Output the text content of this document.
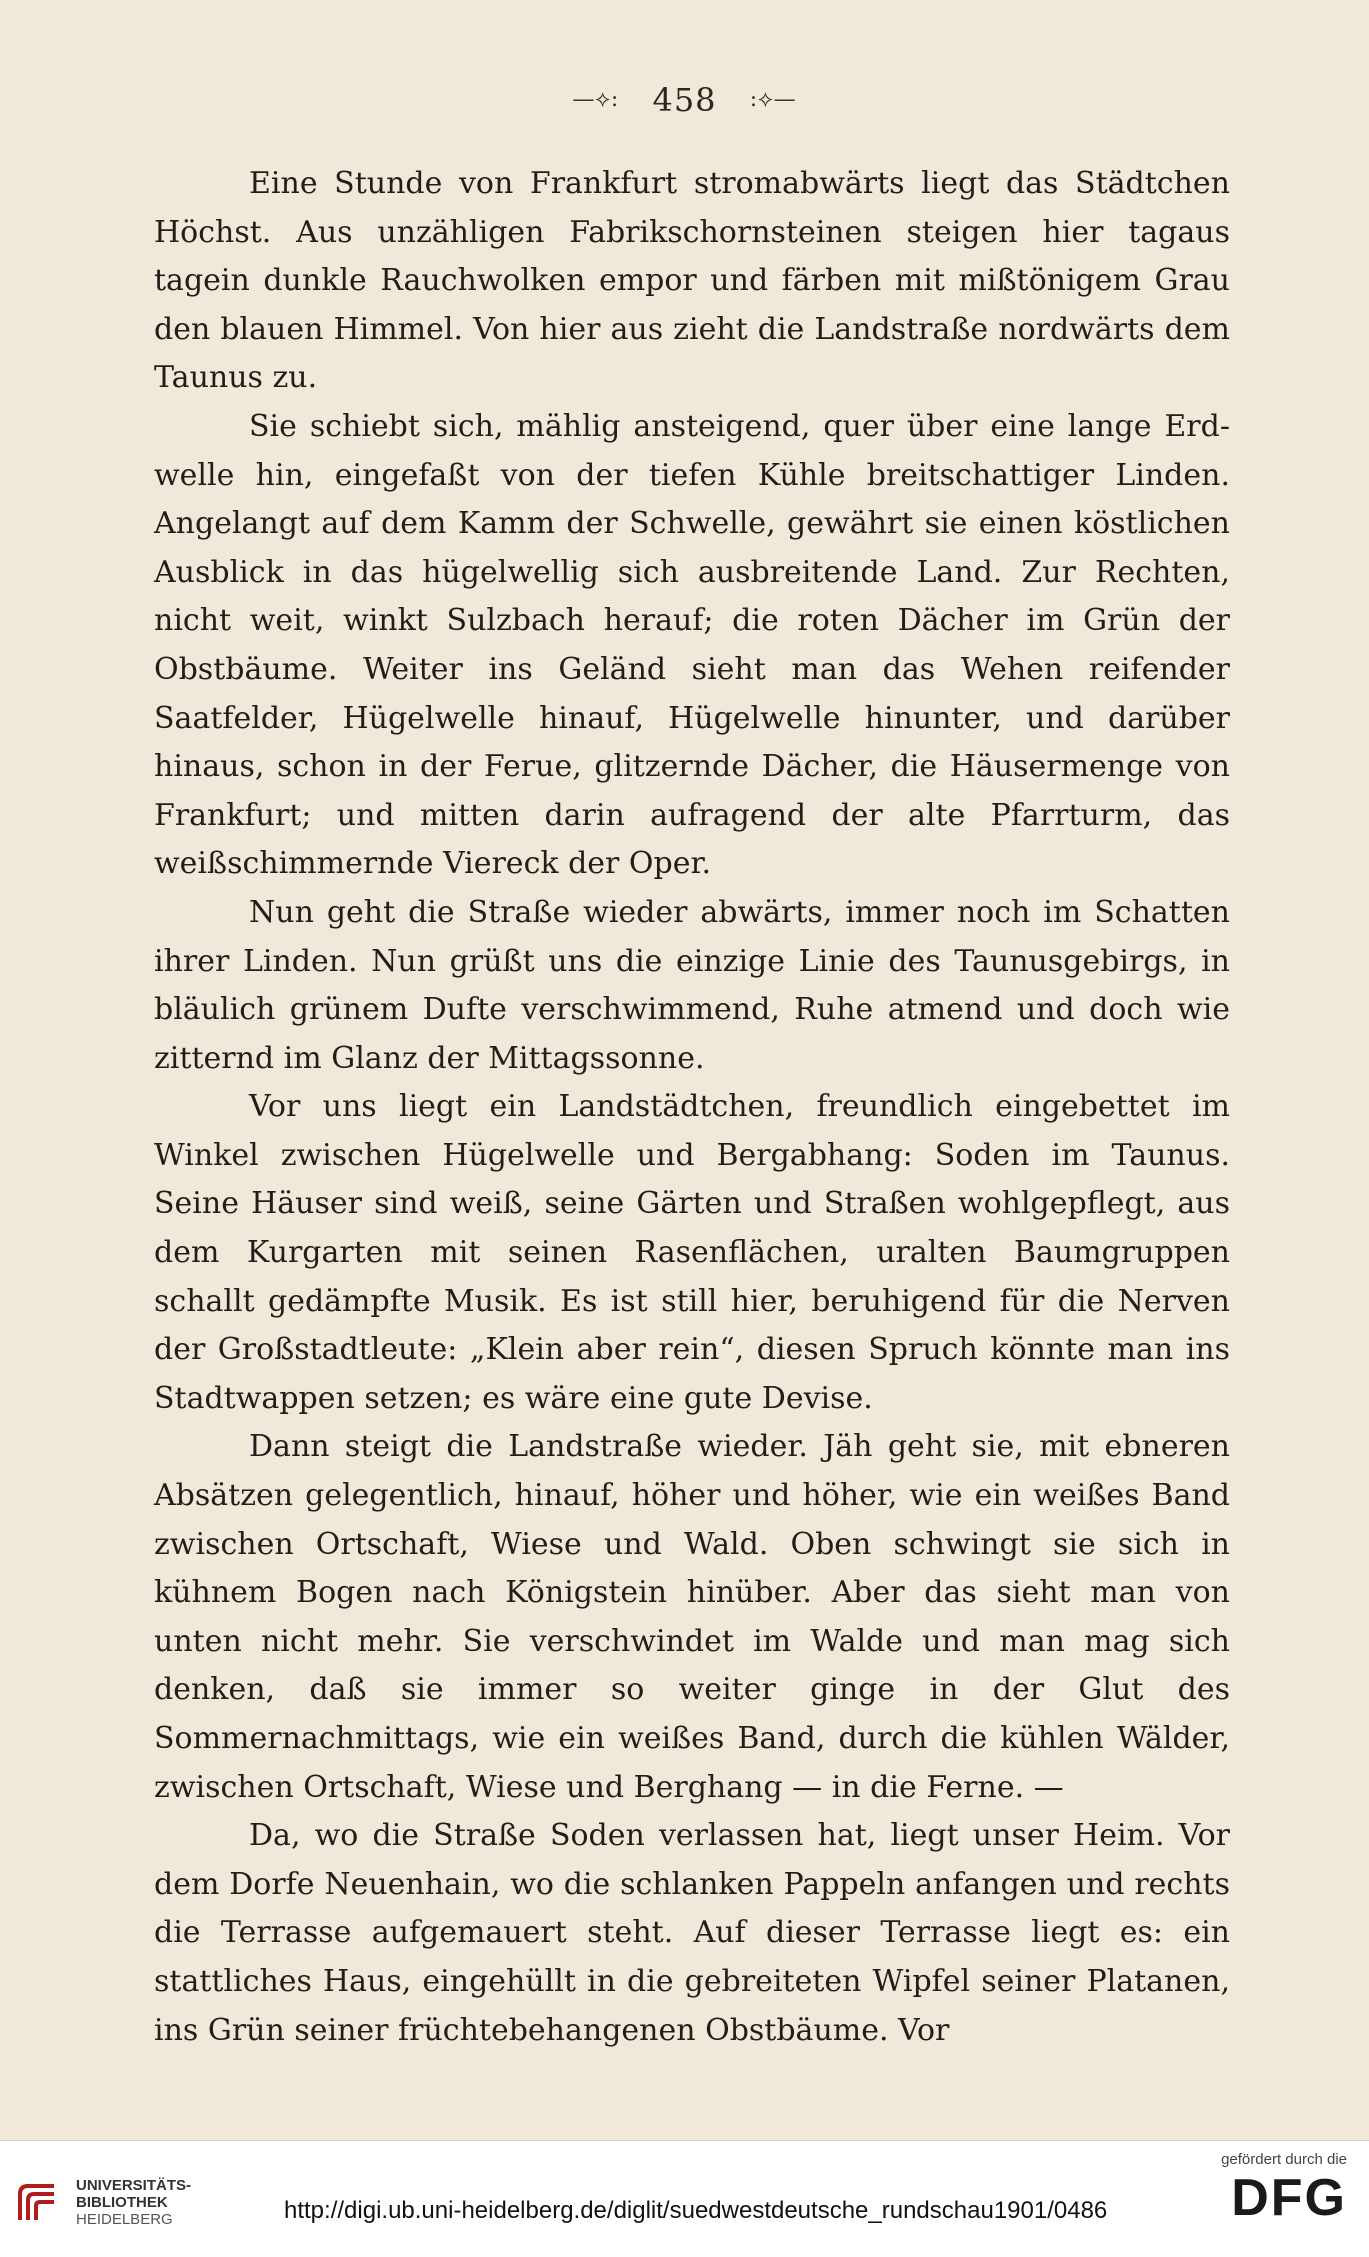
—⟡: 458 :⟡—

Eine Stunde von Frankfurt stromabwärts liegt das Städtchen Höchst. Aus unzähligen Fabrikschornsteinen steigen hier tagaus tagein dunkle Rauchwolken empor und färben mit mißtönigem Grau den blauen Himmel. Von hier aus zieht die Landstraße nordwärts dem Taunus zu.

Sie schiebt sich, mählig ansteigend, quer über eine lange Erdwelle hin, eingefaßt von der tiefen Kühle breitschattiger Linden. Angelangt auf dem Kamm der Schwelle, gewährt sie einen köstlichen Ausblick in das hügelwellig sich ausbreitende Land. Zur Rechten, nicht weit, winkt Sulzbach herauf; die roten Dächer im Grün der Obstbäume. Weiter ins Geländ sieht man das Wehen reifender Saatfelder, Hügelwelle hinauf, Hügelwelle hinunter, und darüber hinaus, schon in der Ferue, glitzernde Dächer, die Häusermenge von Frankfurt; und mitten darin aufragend der alte Pfarrturm, das weißschimmernde Viereck der Oper.

Nun geht die Straße wieder abwärts, immer noch im Schatten ihrer Linden. Nun grüßt uns die einzige Linie des Taunusgebirgs, in bläulich grünem Dufte verschwimmend, Ruhe atmend und doch wie zitternd im Glanz der Mittagssonne.

Vor uns liegt ein Landstädtchen, freundlich eingebettet im Winkel zwischen Hügelwelle und Bergabhang: Soden im Taunus. Seine Häuser sind weiß, seine Gärten und Straßen wohlgepflegt, aus dem Kurgarten mit seinen Rasenflächen, uralten Baumgruppen schallt gedämpfte Musik. Es ist still hier, beruhigend für die Nerven der Großstadtleute: „Klein aber rein“, diesen Spruch könnte man ins Stadtwappen setzen; es wäre eine gute Devise.

Dann steigt die Landstraße wieder. Jäh geht sie, mit ebneren Absätzen gelegentlich, hinauf, höher und höher, wie ein weißes Band zwischen Ortschaft, Wiese und Wald. Oben schwingt sie sich in kühnem Bogen nach Königstein hinüber. Aber das sieht man von unten nicht mehr. Sie verschwindet im Walde und man mag sich denken, daß sie immer so weiter ginge in der Glut des Sommernachmittags, wie ein weißes Band, durch die kühlen Wälder, zwischen Ortschaft, Wiese und Berghang — in die Ferne. —

Da, wo die Straße Soden verlassen hat, liegt unser Heim. Vor dem Dorfe Neuenhain, wo die schlanken Pappeln anfangen und rechts die Terrasse aufgemauert steht. Auf dieser Terrasse liegt es: ein stattliches Haus, eingehüllt in die gebreiteten Wipfel seiner Platanen, ins Grün seiner früchtebehangenen Obstbäume. Vor

UNIVERSITÄTS-
BIBLIOTHEK
HEIDELBERG	http://digi.ub.uni-heidelberg.de/diglit/suedwestdeutsche_rundschau1901/0486
gefördert durch die
DFG
